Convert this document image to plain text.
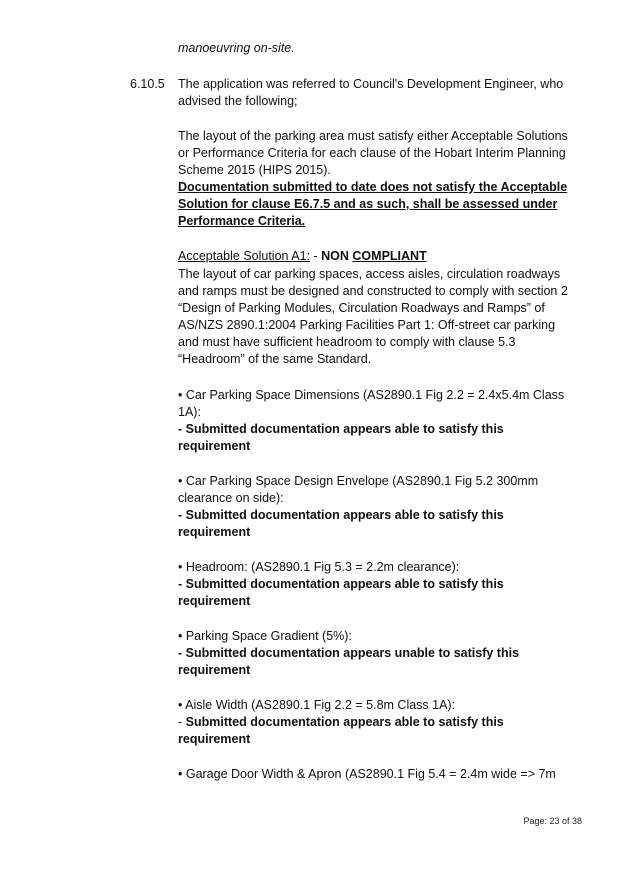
manoeuvring on-site.

6.10.5 The application was referred to Council's Development Engineer, who advised the following;

The layout of the parking area must satisfy either Acceptable Solutions or Performance Criteria for each clause of the Hobart Interim Planning Scheme 2015 (HIPS 2015).

Documentation submitted to date does not satisfy the Acceptable Solution for clause E6.7.5 and as such, shall be assessed under Performance Criteria.

Acceptable Solution A1: - NON COMPLIANT

The layout of car parking spaces, access aisles, circulation roadways and ramps must be designed and constructed to comply with section 2 “Design of Parking Modules, Circulation Roadways and Ramps” of AS/NZS 2890.1:2004 Parking Facilities Part 1: Off-street car parking and must have sufficient headroom to comply with clause 5.3 “Headroom” of the same Standard.

• Car Parking Space Dimensions (AS2890.1 Fig 2.2 = 2.4x5.4m Class 1A):

- Submitted documentation appears able to satisfy this requirement

• Car Parking Space Design Envelope (AS2890.1 Fig 5.2 300mm clearance on side):

- Submitted documentation appears able to satisfy this requirement

• Headroom: (AS2890.1 Fig 5.3 = 2.2m clearance):

- Submitted documentation appears able to satisfy this requirement

• Parking Space Gradient (5%):

- Submitted documentation appears unable to satisfy this requirement

• Aisle Width (AS2890.1 Fig 2.2 = 5.8m Class 1A):

- Submitted documentation appears able to satisfy this requirement

• Garage Door Width & Apron (AS2890.1 Fig 5.4 = 2.4m wide => 7m

Page: 23 of 38
